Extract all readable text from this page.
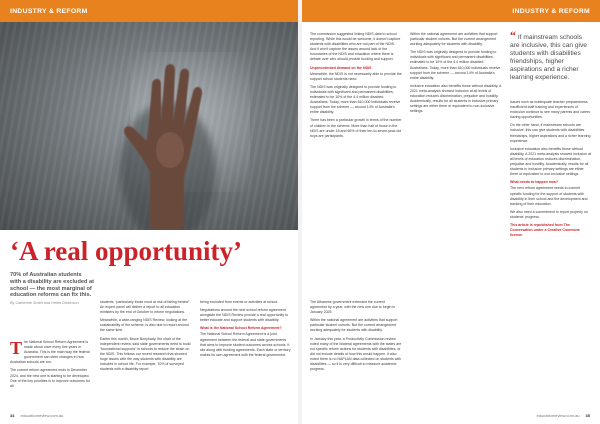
INDUSTRY & REFORM	INDUSTRY & REFORM
‘A real opportunity’
70% of Australian students with a disability are excluded at school — the most marginal of education reforms can fix this.
By Catherine Smith and Helen Dickinson

T he National School Reform Agreement is made about once every five years in Australia. This is the main way the federal government can steer changes in how Australian schools are run.

The current reform agreement ends in December 2024, and the new one is starting to be developed. One of the key priorities is to improve outcomes for all

students, “particularly those most at risk of falling behind”. An expert panel will deliver a report to all education ministers by the end of October to inform negotiations.

Meanwhile, a wide-ranging NDIS Review, looking at the sustainability of the scheme, is also due to report around the same time.

Earlier this month, Bruce Bonyhady, the chair of the independent review, said state governments need to build “foundational supports” in schools to reduce the strain on the NDIS. This follows our recent research that showed huge issues with the way students with disability are included in school life. For example, 70% of surveyed students with a disability report

being excluded from events or activities at school.

Negotiations around the next school reform agreement alongside the NDIS Review provide a real opportunity to better educate and support students with disability.

What is the National School Reform Agreement?

The National School Reform Agreement is a joint agreement between the federal and state governments that aims to improve student outcomes across schools. It sits along with funding agreements. Each state or territory makes its own agreement with the federal government.

The Albanese government extended the current agreement by a year, with the new one due to begin in January 2025.

Within the national agreement are activities that support particular student cohorts. But the current arrangement working adequately for students with disability.

In January this year, a Productivity Commission review noted many of the bilateral agreements with the states are not specific reform actions for students with disabilities, or did not include details of how this would happen. It also noted there is no NAPLAN data collected on students with disabilities — so it is very difficult to measure academic progress.

The commission suggested linking NDIS data to school reporting. While this would be welcome, it doesn't capture students with disabilities who are not part of the NDIS. And it won't capture the issues around lack of the boundaries of the NDIS and education where there is debate over who should provide funding and support.

Unprecedented demand on the NDIS

Meanwhile, the NDIS is not necessarily able to provide the support school students need.

The NDIS was originally designed to provide funding to individuals with significant and permanent disabilities, estimated to be 10% of the 4.4 million disabled Australians. Today, more than 610,000 individuals receive support from the scheme — around 14% of Australia's entire disability.

There has been a particular growth in terms of the number of children in the scheme. More than half of those in the NDIS are under 18 and 65% of their ten-to-seven-year-old boys are participants.

“ If mainstream schools are inclusive, this can give students with disabilities friendships, higher aspirations and a richer learning experience.

Issues such as inadequate teacher preparedness, insufficient staff training and experiences of exclusion continue to see many parents and carers having opportunities.

On the other hand, if mainstream schools are inclusive, this can give students with disabilities friendships, higher aspirations and a richer learning experience.

Inclusive education also benefits those without disability. A 2021 meta-analysis showed inclusion at all levels of education reduces discrimination, prejudice and hostility. Academically, results for all students in inclusive primary settings are either there or equivalent to non-inclusive settings.

What needs to happen now?

The next reform agreement needs to commit specific funding for the support of students with disability in their school and the development and tracking of their education.

We also need a commitment to report properly on students' progress.

This article is republished from The Conversation under a Creative Commons license.

Within the national agreement are activities that support particular student cohorts. But the current arrangement working adequately for students with disability.

The NDIS was originally designed to provide funding to individuals with significant and permanent disabilities, estimated to be 10% of the 4.4 million disabled Australians. Today, more than 610,000 individuals receive support from the scheme — around 14% of Australia's entire disability.

Inclusive education also benefits those without disability. A 2021 meta-analysis showed inclusion at all levels of education reduces discrimination, prejudice and hostility. Academically, results for all students in inclusive primary settings are either there or equivalent to non-inclusive settings.

34 educationreview.com.au	educationreview.com.au 35
